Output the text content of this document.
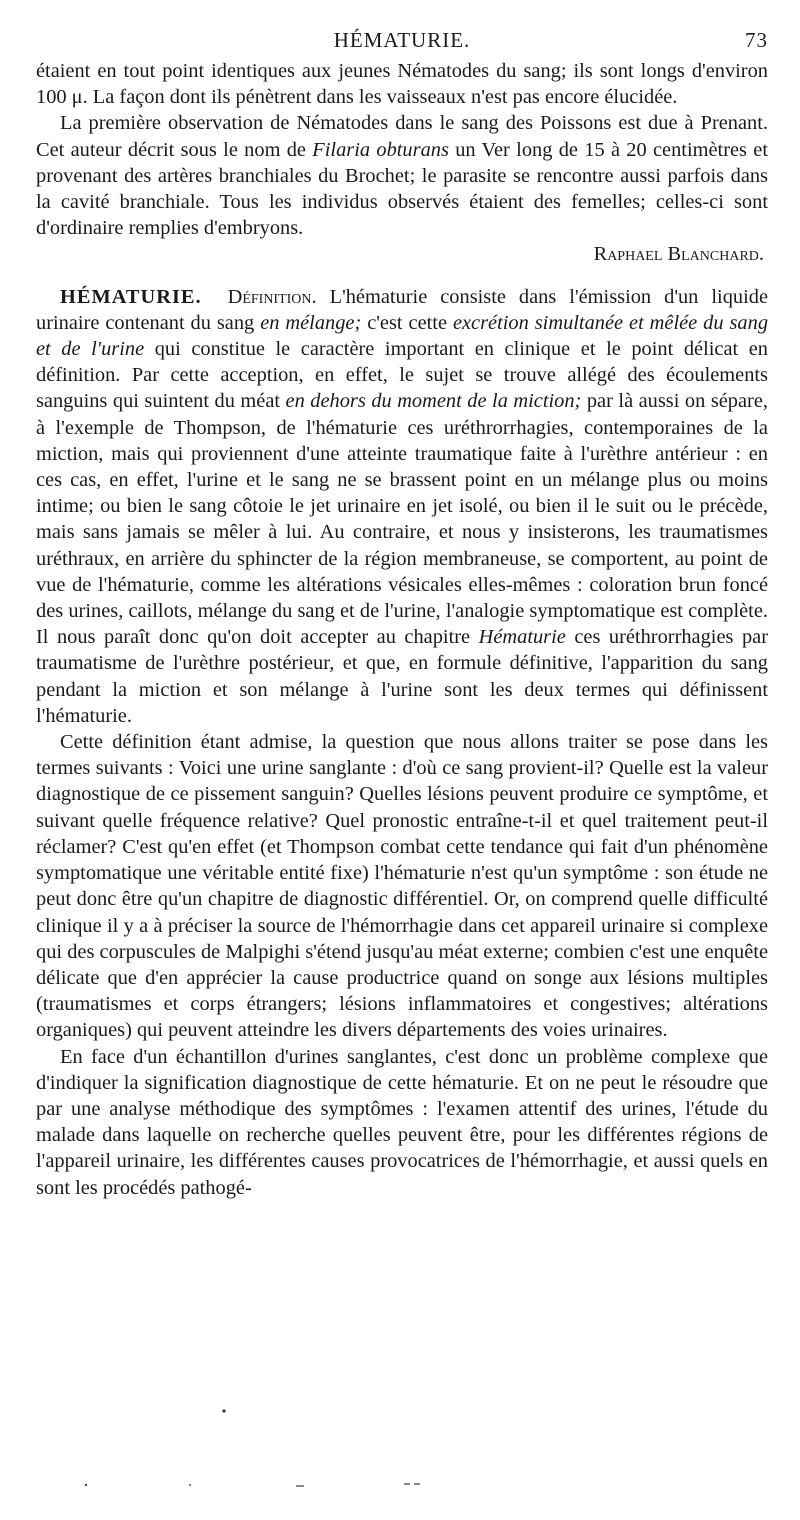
HÉMATURIE.	73

étaient en tout point identiques aux jeunes Nématodes du sang; ils sont longs d'environ 100 μ. La façon dont ils pénètrent dans les vaisseaux n'est pas encore élucidée.

La première observation de Nématodes dans le sang des Poissons est due à Prenant. Cet auteur décrit sous le nom de Filaria obturans un Ver long de 15 à 20 centimètres et provenant des artères branchiales du Brochet; le parasite se rencontre aussi parfois dans la cavité branchiale. Tous les individus observés étaient des femelles; celles-ci sont d'ordinaire remplies d'embryons.

Raphael Blanchard.

HÉMATURIE. Définition. L'hématurie consiste dans l'émission d'un liquide urinaire contenant du sang en mélange; c'est cette excrétion simultanée et mêlée du sang et de l'urine qui constitue le caractère important en clinique et le point délicat en définition. Par cette acception, en effet, le sujet se trouve allégé des écoulements sanguins qui suintent du méat en dehors du moment de la miction; par là aussi on sépare, à l'exemple de Thompson, de l'hématurie ces uréthrorrhagies, contemporaines de la miction, mais qui proviennent d'une atteinte traumatique faite à l'urèthre antérieur : en ces cas, en effet, l'urine et le sang ne se brassent point en un mélange plus ou moins intime; ou bien le sang côtoie le jet urinaire en jet isolé, ou bien il le suit ou le précède, mais sans jamais se mêler à lui. Au contraire, et nous y insisterons, les traumatismes uréthraux, en arrière du sphincter de la région membraneuse, se comportent, au point de vue de l'hématurie, comme les altérations vésicales elles-mêmes : coloration brun foncé des urines, caillots, mélange du sang et de l'urine, l'analogie symptomatique est complète. Il nous paraît donc qu'on doit accepter au chapitre Hématurie ces uréthrorrhagies par traumatisme de l'urèthre postérieur, et que, en formule définitive, l'apparition du sang pendant la miction et son mélange à l'urine sont les deux termes qui définissent l'hématurie.

Cette définition étant admise, la question que nous allons traiter se pose dans les termes suivants : Voici une urine sanglante : d'où ce sang provient-il? Quelle est la valeur diagnostique de ce pissement sanguin? Quelles lésions peuvent produire ce symptôme, et suivant quelle fréquence relative? Quel pronostic entraîne-t-il et quel traitement peut-il réclamer? C'est qu'en effet (et Thompson combat cette tendance qui fait d'un phénomène symptomatique une véritable entité fixe) l'hématurie n'est qu'un symptôme : son étude ne peut donc être qu'un chapitre de diagnostic différentiel. Or, on comprend quelle difficulté clinique il y a à préciser la source de l'hémorrhagie dans cet appareil urinaire si complexe qui des corpuscules de Malpighi s'étend jusqu'au méat externe; combien c'est une enquête délicate que d'en apprécier la cause productrice quand on songe aux lésions multiples (traumatismes et corps étrangers; lésions inflammatoires et congestives; altérations organiques) qui peuvent atteindre les divers départements des voies urinaires.

En face d'un échantillon d'urines sanglantes, c'est donc un problème complexe que d'indiquer la signification diagnostique de cette hématurie. Et on ne peut le résoudre que par une analyse méthodique des symptômes : l'examen attentif des urines, l'étude du malade dans laquelle on recherche quelles peuvent être, pour les différentes régions de l'appareil urinaire, les différentes causes provocatrices de l'hémorrhagie, et aussi quels en sont les procédés pathogé-
